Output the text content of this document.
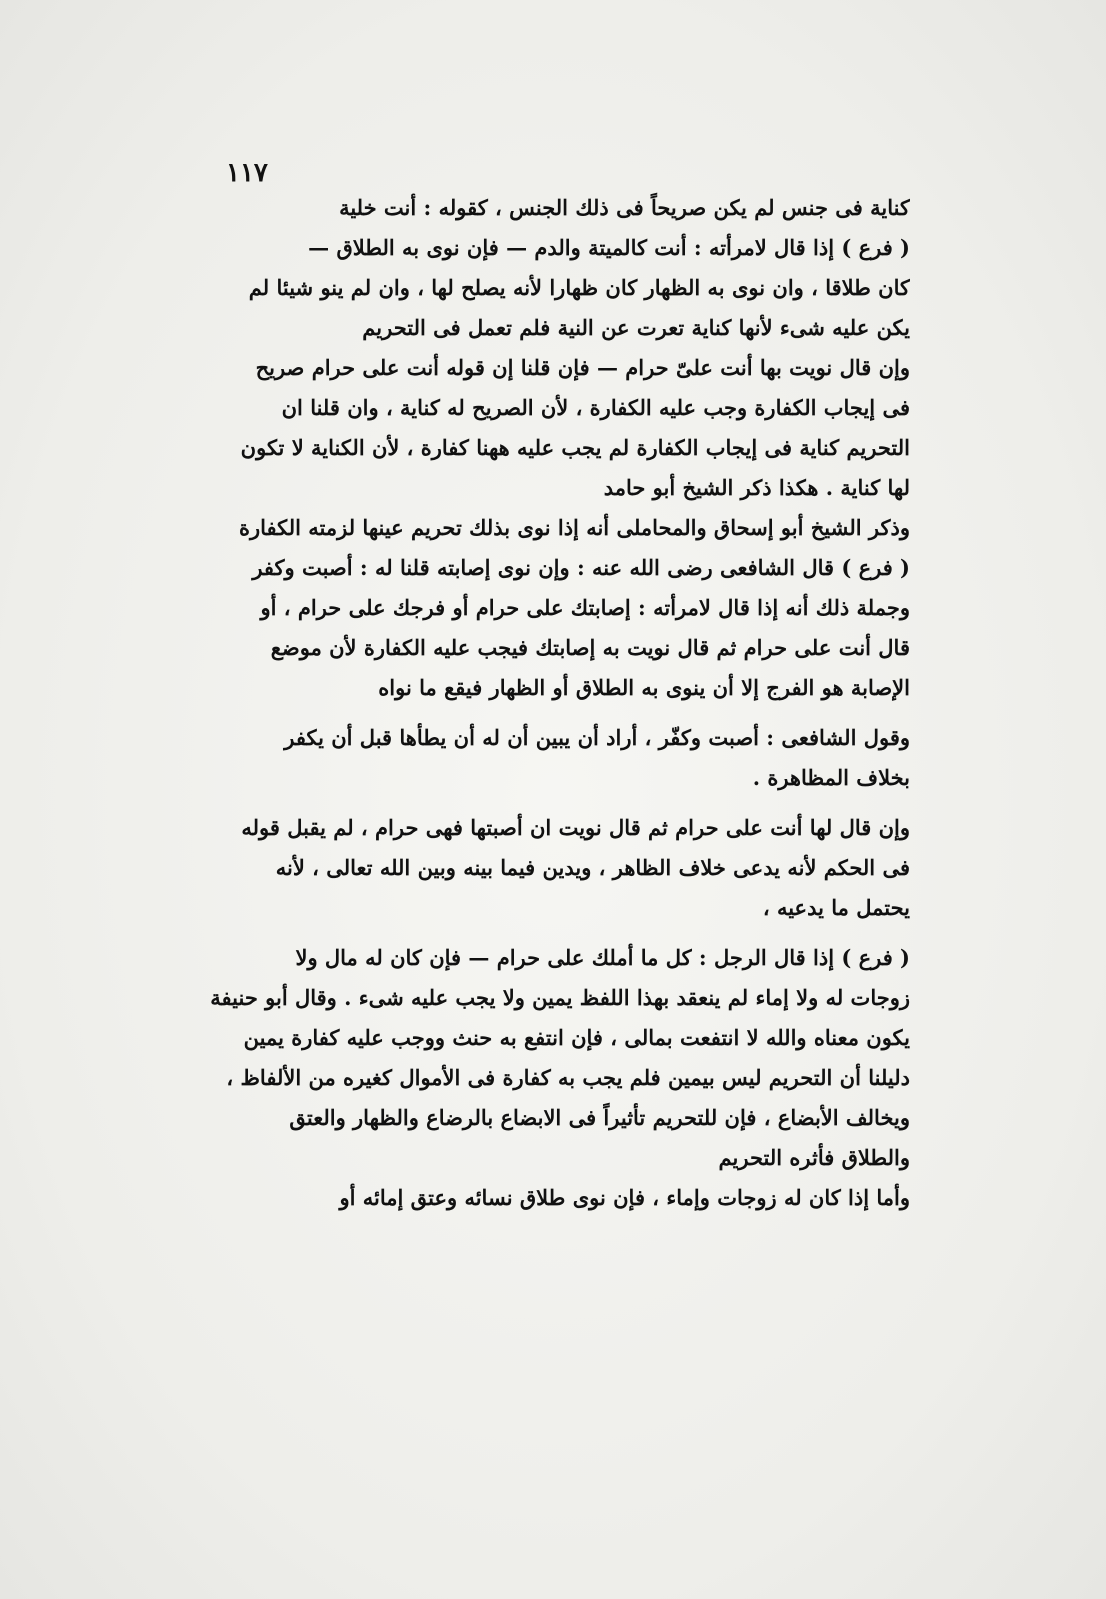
١١٧
كناية فى جنس لم يكن صريحاً فى ذلك الجنس ، كقوله : أنت خلية
( فرع ) إذا قال لامرأته : أنت كالميتة والدم — فإن نوى به الطلاق —
كان طلاقا ، وان نوى به الظهار كان ظهارا لأنه يصلح لها ، وان لم ينو شيئا لم
يكن عليه شىء لأنها كناية تعرت عن النية فلم تعمل فى التحريم
وإن قال نويت بها أنت علىّ حرام — فإن قلنا إن قوله أنت على حرام صريح
فى إيجاب الكفارة وجب عليه الكفارة ، لأن الصريح له كناية ، وان قلنا ان
التحريم كناية فى إيجاب الكفارة لم يجب عليه ههنا كفارة ، لأن الكناية لا تكون
لها كناية . هكذا ذكر الشيخ أبو حامد
وذكر الشيخ أبو إسحاق والمحاملى أنه إذا نوى بذلك تحريم عينها لزمته الكفارة
( فرع ) قال الشافعى رضى الله عنه : وإن نوى إصابته قلنا له : أصبت وكفر
وجملة ذلك أنه إذا قال لامرأته : إصابتك على حرام أو فرجك على حرام ، أو
قال أنت على حرام ثم قال نويت به إصابتك فيجب عليه الكفارة لأن موضع
الإصابة هو الفرج إلا أن ينوى به الطلاق أو الظهار فيقع ما نواه
وقول الشافعى : أصبت وكفّر ، أراد أن يبين أن له أن يطأها قبل أن يكفر
بخلاف المظاهرة .
وإن قال لها أنت على حرام ثم قال نويت ان أصبتها فهى حرام ، لم يقبل قوله
فى الحكم لأنه يدعى خلاف الظاهر ، ويدين فيما بينه وبين الله تعالى ، لأنه
يحتمل ما يدعيه ،
( فرع ) إذا قال الرجل : كل ما أملك على حرام — فإن كان له مال ولا
زوجات له ولا إماء لم ينعقد بهذا اللفظ يمين ولا يجب عليه شىء . وقال أبو حنيفة
يكون معناه والله لا انتفعت بمالى ، فإن انتفع به حنث ووجب عليه كفارة يمين
دليلنا أن التحريم ليس بيمين فلم يجب به كفارة فى الأموال كغيره من الألفاظ ،
ويخالف الأبضاع ، فإن للتحريم تأثيراً فى الابضاع بالرضاع والظهار والعتق
والطلاق فأثره التحريم
وأما إذا كان له زوجات وإماء ، فإن نوى طلاق نسائه وعتق إمائه أو
